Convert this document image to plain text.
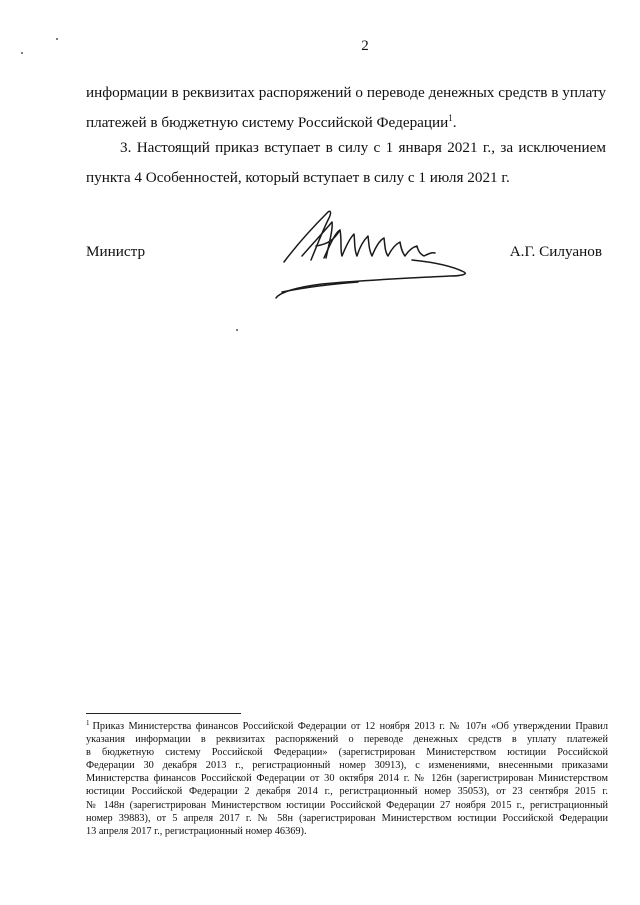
2
информации в реквизитах распоряжений о переводе денежных средств в уплату
платежей в бюджетную систему Российской Федерации$^1$.
3. Настоящий приказ вступает в силу с 1 января 2021 г., за исключением
пункта 4 Особенностей, который вступает в силу с 1 июля 2021 г.
Министр	А.Г. Силуанов
$^1$ Приказ Министерства финансов Российской Федерации от 12 ноября 2013 г. № 107н «Об утверждении Правил
указания информации в реквизитах распоряжений о переводе денежных средств в уплату платежей
в бюджетную систему Российской Федерации» (зарегистрирован Министерством юстиции Российской
Федерации 30 декабря 2013 г., регистрационный номер 30913), с изменениями, внесенными приказами
Министерства финансов Российской Федерации от 30 октября 2014 г. № 126н (зарегистрирован Министерством
юстиции Российской Федерации 2 декабря 2014 г., регистрационный номер 35053), от 23 сентября 2015 г.
№ 148н (зарегистрирован Министерством юстиции Российской Федерации 27 ноября 2015 г., регистрационный
номер 39883), от 5 апреля 2017 г. № 58н (зарегистрирован Министерством юстиции Российской Федерации
13 апреля 2017 г., регистрационный номер 46369).
